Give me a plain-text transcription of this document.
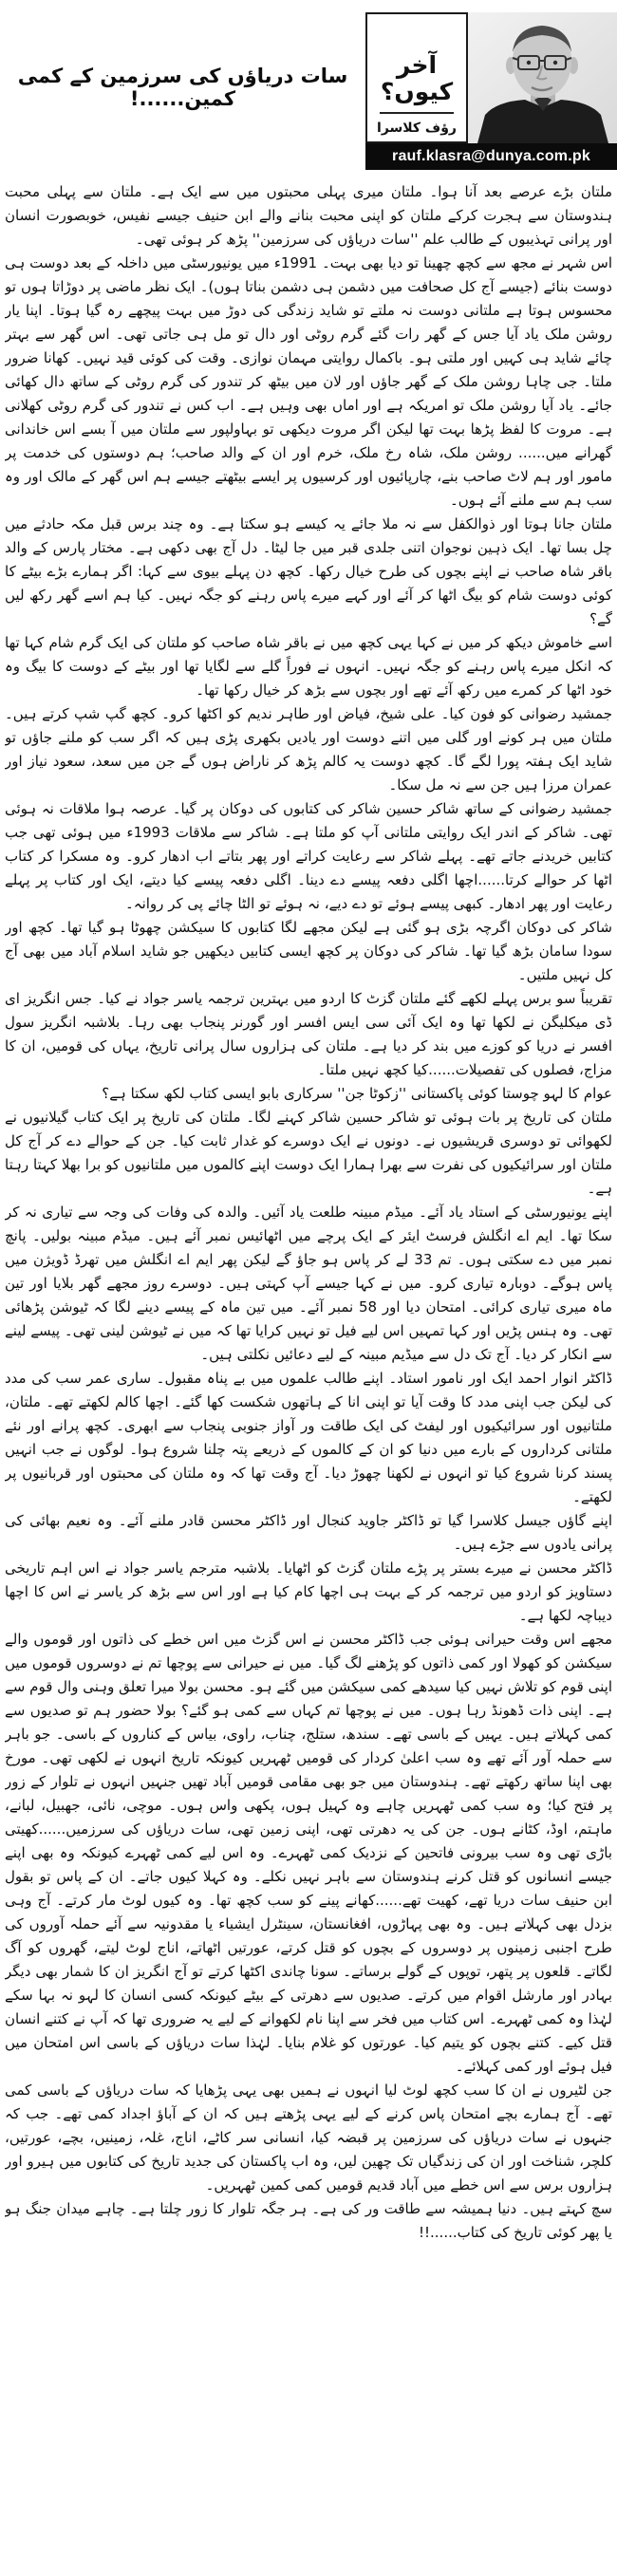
سات دریاؤں کی سرزمین کے کمی کمین......!
آخر کیوں؟
رؤف کلاسرا
rauf.klasra@dunya.com.pk

ملتان بڑے عرصے بعد آنا ہوا۔ ملتان میری پہلی محبتوں میں سے ایک ہے۔ ملتان سے پہلی محبت ہندوستان سے ہجرت کرکے ملتان کو اپنی محبت بنانے والے ابن حنیف جیسے نفیس، خوبصورت انسان اور پرانی تہذیبوں کے طالب علم ''سات دریاؤں کی سرزمین'' پڑھ کر ہوئی تھی۔

اس شہر نے مجھ سے کچھ چھینا تو دیا بھی بہت۔ 1991ء میں یونیورسٹی میں داخلہ کے بعد دوست ہی دوست بنائے (جیسے آج کل صحافت میں دشمن ہی دشمن بناتا ہوں)۔ ایک نظر ماضی پر دوڑاتا ہوں تو محسوس ہوتا ہے ملتانی دوست نہ ملتے تو شاید زندگی کی دوڑ میں بہت پیچھے رہ گیا ہوتا۔ اپنا یار روشن ملک یاد آیا جس کے گھر رات گئے گرم روٹی اور دال تو مل ہی جاتی تھی۔ اس گھر سے بہتر چائے شاید ہی کہیں اور ملتی ہو۔ باکمال روایتی مہمان نوازی۔ وقت کی کوئی قید نہیں۔ کھانا ضرور ملتا۔ جی چاہا روشن ملک کے گھر جاؤں اور لان میں بیٹھ کر تندور کی گرم روٹی کے ساتھ دال کھائی جائے۔ یاد آیا روشن ملک تو امریکہ ہے اور اماں بھی وہیں ہے۔ اب کس نے تندور کی گرم روٹی کھلانی ہے۔ مروت کا لفظ پڑھا بہت تھا لیکن اگر مروت دیکھی تو بہاولپور سے ملتان میں آ بسے اس خاندانی گھرانے میں...... روشن ملک، شاہ رخ ملک، خرم اور ان کے والد صاحب؛ ہم دوستوں کی خدمت پر مامور اور ہم لاٹ صاحب بنے، چارپائیوں اور کرسیوں پر ایسے بیٹھتے جیسے ہم اس گھر کے مالک اور وہ سب ہم سے ملنے آئے ہوں۔

ملتان جانا ہوتا اور ذوالکفل سے نہ ملا جائے یہ کیسے ہو سکتا ہے۔ وہ چند برس قبل مکہ حادثے میں چل بسا تھا۔ ایک ذہین نوجوان اتنی جلدی قبر میں جا لیٹا۔ دل آج بھی دکھی ہے۔ مختار پارس کے والد باقر شاہ صاحب نے اپنے بچوں کی طرح خیال رکھا۔ کچھ دن پہلے بیوی سے کہا: اگر ہمارے بڑے بیٹے کا کوئی دوست شام کو بیگ اٹھا کر آئے اور کہے میرے پاس رہنے کو جگہ نہیں۔ کیا ہم اسے گھر رکھ لیں گے؟

اسے خاموش دیکھ کر میں نے کہا یہی کچھ میں نے باقر شاہ صاحب کو ملتان کی ایک گرم شام کہا تھا کہ انکل میرے پاس رہنے کو جگہ نہیں۔ انہوں نے فوراً گلے سے لگایا تھا اور بیٹے کے دوست کا بیگ وہ خود اٹھا کر کمرے میں رکھ آئے تھے اور بچوں سے بڑھ کر خیال رکھا تھا۔

جمشید رضوانی کو فون کیا۔ علی شیخ، فیاض اور طاہر ندیم کو اکٹھا کرو۔ کچھ گپ شپ کرتے ہیں۔ ملتان میں ہر کونے اور گلی میں اتنے دوست اور یادیں بکھری پڑی ہیں کہ اگر سب کو ملنے جاؤں تو شاید ایک ہفتہ پورا لگے گا۔ کچھ دوست یہ کالم پڑھ کر ناراض ہوں گے جن میں سعد، سعود نیاز اور عمران مرزا ہیں جن سے نہ مل سکا۔

جمشید رضوانی کے ساتھ شاکر حسین شاکر کی کتابوں کی دوکان پر گیا۔ عرصہ ہوا ملاقات نہ ہوئی تھی۔ شاکر کے اندر ایک روایتی ملتانی آپ کو ملتا ہے۔ شاکر سے ملاقات 1993ء میں ہوئی تھی جب کتابیں خریدنے جاتے تھے۔ پہلے شاکر سے رعایت کراتے اور پھر بتاتے اب ادھار کرو۔ وہ مسکرا کر کتاب اٹھا کر حوالے کرتا......اچھا اگلی دفعہ پیسے دے دینا۔ اگلی دفعہ پیسے کیا دیتے، ایک اور کتاب پر پہلے رعایت اور پھر ادھار۔ کبھی پیسے ہوئے تو دے دیے، نہ ہوئے تو الٹا چائے پی کر روانہ۔

شاکر کی دوکان اگرچہ بڑی ہو گئی ہے لیکن مجھے لگا کتابوں کا سیکشن چھوٹا ہو گیا تھا۔ کچھ اور سودا سامان بڑھ گیا تھا۔ شاکر کی دوکان پر کچھ ایسی کتابیں دیکھیں جو شاید اسلام آباد میں بھی آج کل نہیں ملتیں۔

تقریباً سو برس پہلے لکھے گئے ملتان گزٹ کا اردو میں بہترین ترجمہ یاسر جواد نے کیا۔ جس انگریز ای ڈی میکلیگن نے لکھا تھا وہ ایک آئی سی ایس افسر اور گورنر پنجاب بھی رہا۔ بلاشبہ انگریز سول افسر نے دریا کو کوزے میں بند کر دیا ہے۔ ملتان کی ہزاروں سال پرانی تاریخ، یہاں کی قومیں، ان کا مزاج، فصلوں کی تفصیلات......کیا کچھ نہیں ملتا۔

عوام کا لہو چوستا کوئی پاکستانی ''زکوٹا جن'' سرکاری بابو ایسی کتاب لکھ سکتا ہے؟

ملتان کی تاریخ پر بات ہوئی تو شاکر حسین شاکر کہنے لگا۔ ملتان کی تاریخ پر ایک کتاب گیلانیوں نے لکھوائی تو دوسری قریشیوں نے۔ دونوں نے ایک دوسرے کو غدار ثابت کیا۔ جن کے حوالے دے کر آج کل ملتان اور سرائیکیوں کی نفرت سے بھرا ہمارا ایک دوست اپنے کالموں میں ملتانیوں کو برا بھلا کہتا رہتا ہے۔

اپنے یونیورسٹی کے استاد یاد آئے۔ میڈم مبینہ طلعت یاد آئیں۔ والدہ کی وفات کی وجہ سے تیاری نہ کر سکا تھا۔ ایم اے انگلش فرسٹ ایئر کے ایک پرچے میں اٹھائیس نمبر آئے ہیں۔ میڈم مبینہ بولیں۔ پانچ نمبر میں دے سکتی ہوں۔ تم 33 لے کر پاس ہو جاؤ گے لیکن پھر ایم اے انگلش میں تھرڈ ڈویژن میں پاس ہوگے۔ دوبارہ تیاری کرو۔ میں نے کہا جیسے آپ کہتی ہیں۔ دوسرے روز مجھے گھر بلایا اور تین ماہ میری تیاری کرائی۔ امتحان دیا اور 58 نمبر آئے۔ میں تین ماہ کے پیسے دینے لگا کہ ٹیوشن پڑھائی تھی۔ وہ ہنس پڑیں اور کہا تمہیں اس لیے فیل تو نہیں کرایا تھا کہ میں نے ٹیوشن لینی تھی۔ پیسے لینے سے انکار کر دیا۔ آج تک دل سے میڈیم مبینہ کے لیے دعائیں نکلتی ہیں۔

ڈاکٹر انوار احمد ایک اور نامور استاد۔ اپنے طالب علموں میں بے پناہ مقبول۔ ساری عمر سب کی مدد کی لیکن جب اپنی مدد کا وقت آیا تو اپنی انا کے ہاتھوں شکست کھا گئے۔ اچھا کالم لکھتے تھے۔ ملتان، ملتانیوں اور سرائیکیوں اور لیفٹ کی ایک طاقت ور آواز جنوبی پنجاب سے ابھری۔ کچھ پرانے اور نئے ملتانی کرداروں کے بارے میں دنیا کو ان کے کالموں کے ذریعے پتہ چلنا شروع ہوا۔ لوگوں نے جب انہیں پسند کرنا شروع کیا تو انہوں نے لکھنا چھوڑ دیا۔ آج وقت تھا کہ وہ ملتان کی محبتوں اور قربانیوں پر لکھتے۔

اپنے گاؤں جیسل کلاسرا گیا تو ڈاکٹر جاوید کنجال اور ڈاکٹر محسن قادر ملنے آئے۔ وہ نعیم بھائی کی پرانی یادوں سے جڑے ہیں۔

ڈاکٹر محسن نے میرے بستر پر پڑے ملتان گزٹ کو اٹھایا۔ بلاشبہ مترجم یاسر جواد نے اس اہم تاریخی دستاویز کو اردو میں ترجمہ کر کے بہت ہی اچھا کام کیا ہے اور اس سے بڑھ کر یاسر نے اس کا اچھا دیباچہ لکھا ہے۔

مجھے اس وقت حیرانی ہوئی جب ڈاکٹر محسن نے اس گزٹ میں اس خطے کی ذاتوں اور قوموں والے سیکشن کو کھولا اور کمی ذاتوں کو پڑھنے لگ گیا۔ میں نے حیرانی سے پوچھا تم نے دوسروں قوموں میں اپنی قوم کو تلاش نہیں کیا سیدھے کمی سیکشن میں گئے ہو۔ محسن بولا میرا تعلق وہنی وال قوم سے ہے۔ اپنی ذات ڈھونڈ رہا ہوں۔ میں نے پوچھا تم کہاں سے کمی ہو گئے؟ بولا حضور ہم تو صدیوں سے کمی کہلاتے ہیں۔ یہیں کے باسی تھے۔ سندھ، ستلج، چناب، راوی، بیاس کے کناروں کے باسی۔ جو باہر سے حملہ آور آئے تھے وہ سب اعلیٰ کردار کی قومیں ٹھہریں کیونکہ تاریخ انہوں نے لکھی تھی۔ مورخ بھی اپنا ساتھ رکھتے تھے۔ ہندوستان میں جو بھی مقامی قومیں آباد تھیں جنہیں انہوں نے تلوار کے زور پر فتح کیا؛ وہ سب کمی ٹھہریں چاہے وہ کہیل ہوں، پکھی واس ہوں۔ موچی، نائی، جھبیل، لبانے، ماہتم، اوڈ، کٹانے ہوں۔ جن کی یہ دھرتی تھی، اپنی زمین تھی، سات دریاؤں کی سرزمیں......کھیتی باڑی تھی وہ سب بیرونی فاتحین کے نزدیک کمی ٹھہرے۔ وہ اس لیے کمی ٹھہرے کیونکہ وہ بھی اپنے جیسے انسانوں کو قتل کرنے ہندوستان سے باہر نہیں نکلے۔ وہ کہلا کیوں جاتے۔ ان کے پاس تو بقول ابن حنیف سات دریا تھے، کھیت تھے......کھانے پینے کو سب کچھ تھا۔ وہ کیوں لوٹ مار کرتے۔ آج وہی بزدل بھی کہلاتے ہیں۔ وہ بھی پہاڑوں، افغانستان، سینٹرل ایشیاء یا مقدونیہ سے آئے حملہ آوروں کی طرح اجنبی زمینوں پر دوسروں کے بچوں کو قتل کرتے، عورتیں اٹھاتے، اناج لوٹ لیتے، گھروں کو آگ لگاتے۔ قلعوں پر پتھر، توپوں کے گولے برساتے۔ سونا چاندی اکٹھا کرتے تو آج انگریز ان کا شمار بھی دیگر بہادر اور مارشل اقوام میں کرتے۔ صدیوں سے دھرتی کے بیٹے کیونکہ کسی انسان کا لہو نہ بہا سکے لہٰذا وہ کمی ٹھہرے۔ اس کتاب میں فخر سے اپنا نام لکھوانے کے لیے یہ ضروری تھا کہ آپ نے کتنے انسان قتل کیے۔ کتنے بچوں کو یتیم کیا۔ عورتوں کو غلام بنایا۔ لہٰذا سات دریاؤں کے باسی اس امتحان میں فیل ہوئے اور کمی کہلائے۔

جن لٹیروں نے ان کا سب کچھ لوٹ لیا انہوں نے ہمیں بھی یہی پڑھایا کہ سات دریاؤں کے باسی کمی تھے۔ آج ہمارے بچے امتحان پاس کرنے کے لیے یہی پڑھتے ہیں کہ ان کے آباؤ اجداد کمی تھے۔ جب کہ جنہوں نے سات دریاؤں کی سرزمین پر قبضہ کیا، انسانی سر کاٹے، اناج، غلہ، زمینیں، بچے، عورتیں، کلچر، شناخت اور ان کی زندگیاں تک چھین لیں، وہ اب پاکستان کی جدید تاریخ کی کتابوں میں ہیرو اور ہزاروں برس سے اس خطے میں آباد قدیم قومیں کمی کمین ٹھہریں۔

سچ کہتے ہیں۔ دنیا ہمیشہ سے طاقت ور کی ہے۔ ہر جگہ تلوار کا زور چلتا ہے۔ چاہے میدان جنگ ہو یا پھر کوئی تاریخ کی کتاب......!!
